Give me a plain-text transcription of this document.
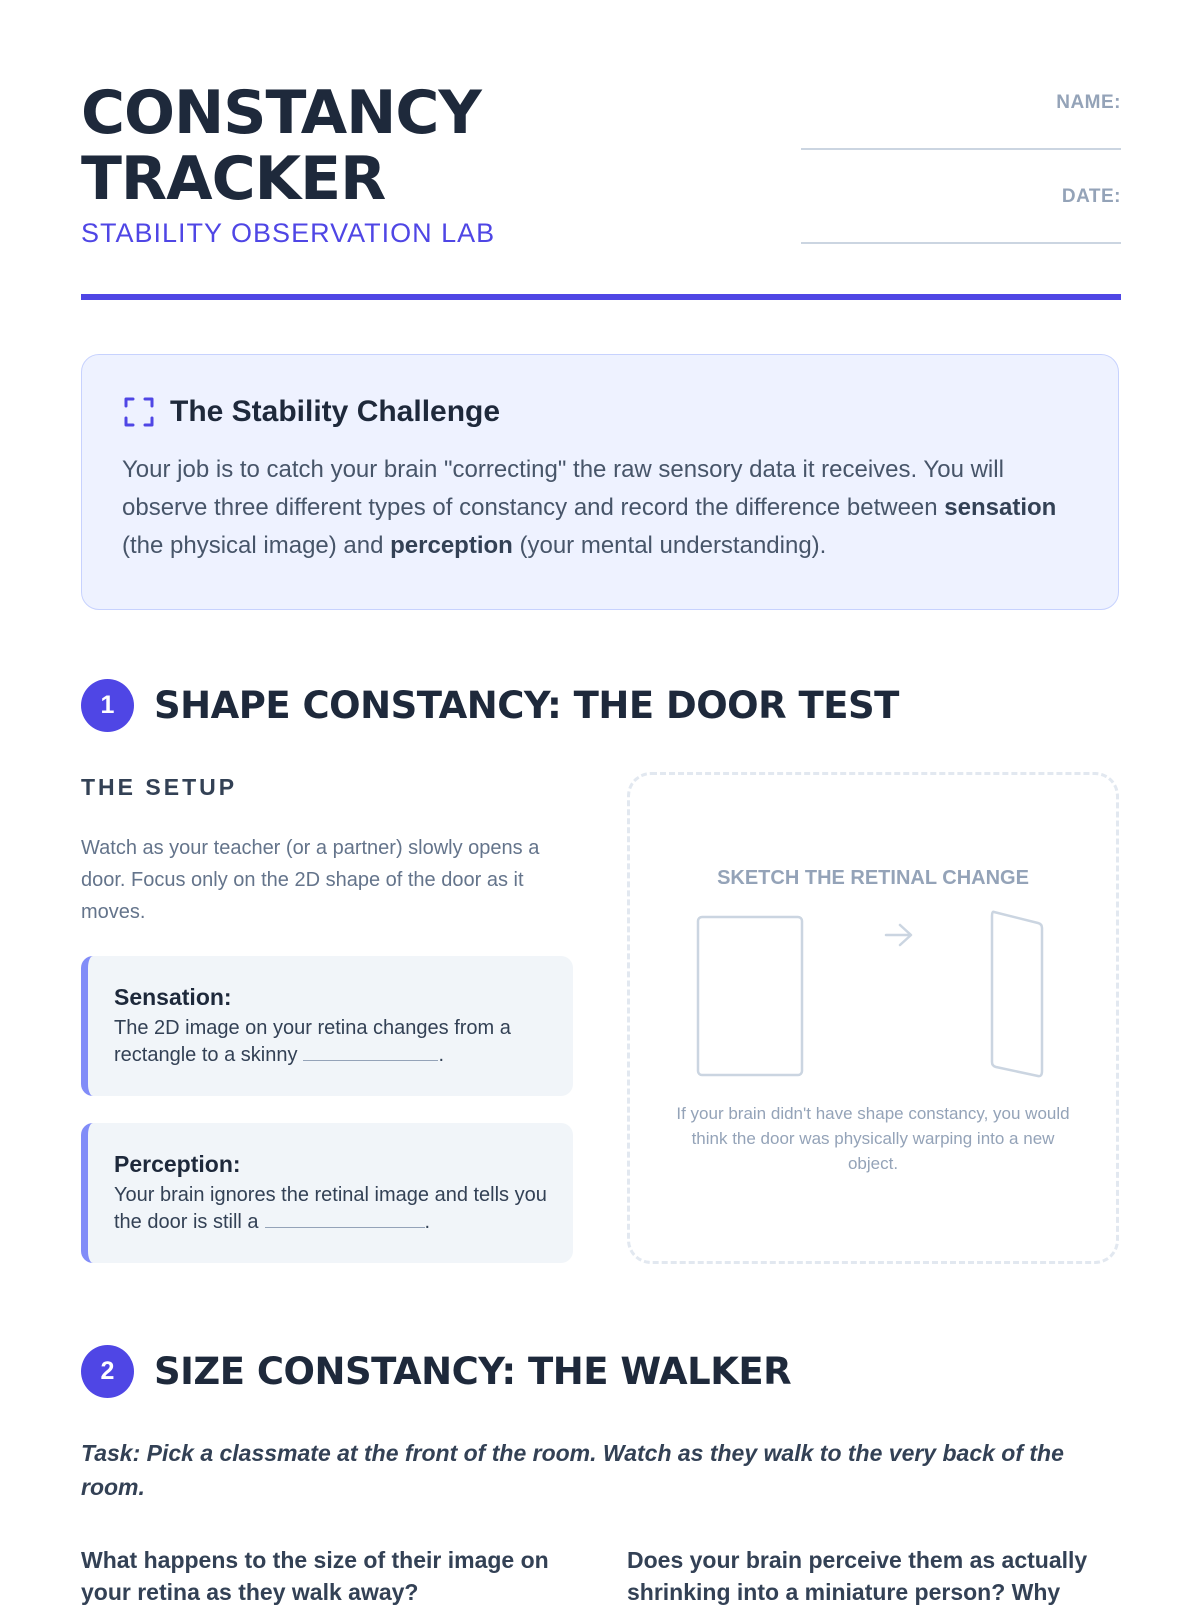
CONSTANCY
TRACKER
STABILITY OBSERVATION LAB
NAME:
DATE:
The Stability Challenge

Your job is to catch your brain "correcting" the raw sensory data it receives. You will observe three different types of constancy and record the difference between sensation (the physical image) and perception (your mental understanding).

1	SHAPE CONSTANCY: THE DOOR TEST
THE SETUP

Watch as your teacher (or a partner) slowly opens a door. Focus only on the 2D shape of the door as it moves.

Sensation:
The 2D image on your retina changes from a rectangle to a skinny	.
Perception:
Your brain ignores the retinal image and tells you the door is still a	.
SKETCH THE RETINAL CHANGE

If your brain didn't have shape constancy, you would think the door was physically warping into a new object.

2	SIZE CONSTANCY: THE WALKER

Task: Pick a classmate at the front of the room. Watch as they walk to the very back of the room.

What happens to the size of their image on your retina as they walk away?

Does your brain perceive them as actually shrinking into a miniature person? Why
